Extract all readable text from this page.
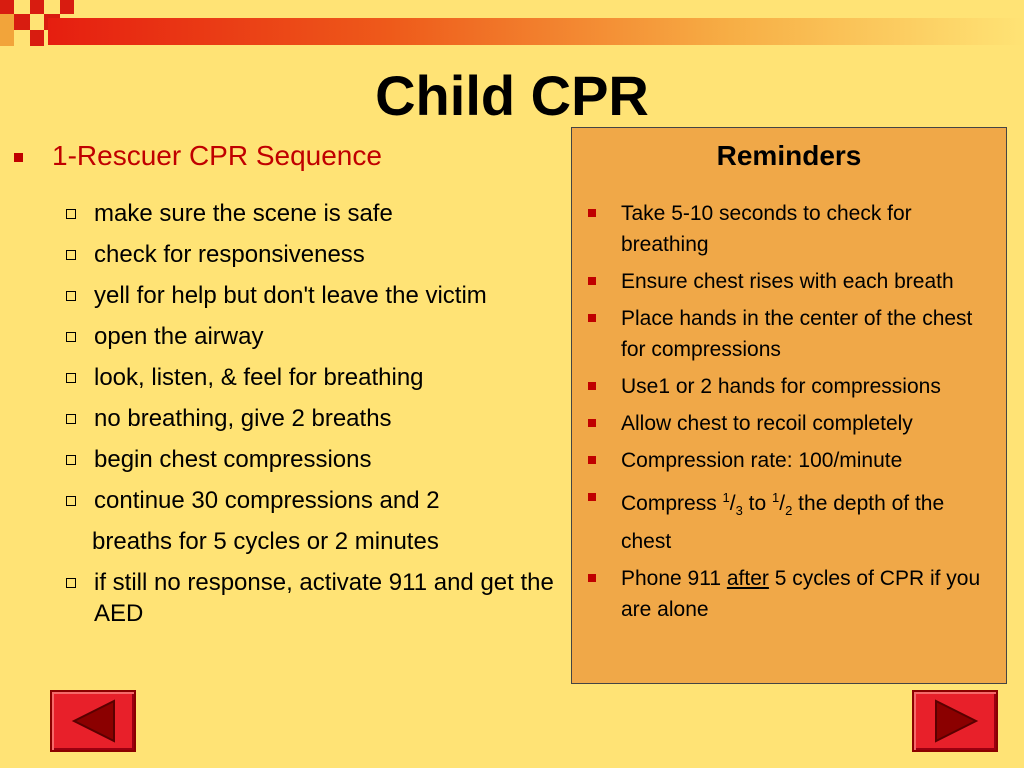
Child CPR
1-Rescuer CPR Sequence
make sure the scene is safe
check for responsiveness
yell for help but don't leave the victim
open the airway
look, listen, & feel for breathing
no breathing, give 2 breaths
begin chest compressions
continue 30 compressions and 2
breaths for 5 cycles or 2 minutes
if still no response, activate 911 and get the AED
Reminders
Take 5-10 seconds to check for breathing
Ensure chest rises with each breath
Place hands in the center of the chest for compressions
Use1 or 2 hands for compressions
Allow chest to recoil completely
Compression rate: 100/minute
Compress $^1/_3$ to $^1/_2$ the depth of the chest
Phone 911 after 5 cycles of CPR if you are alone
